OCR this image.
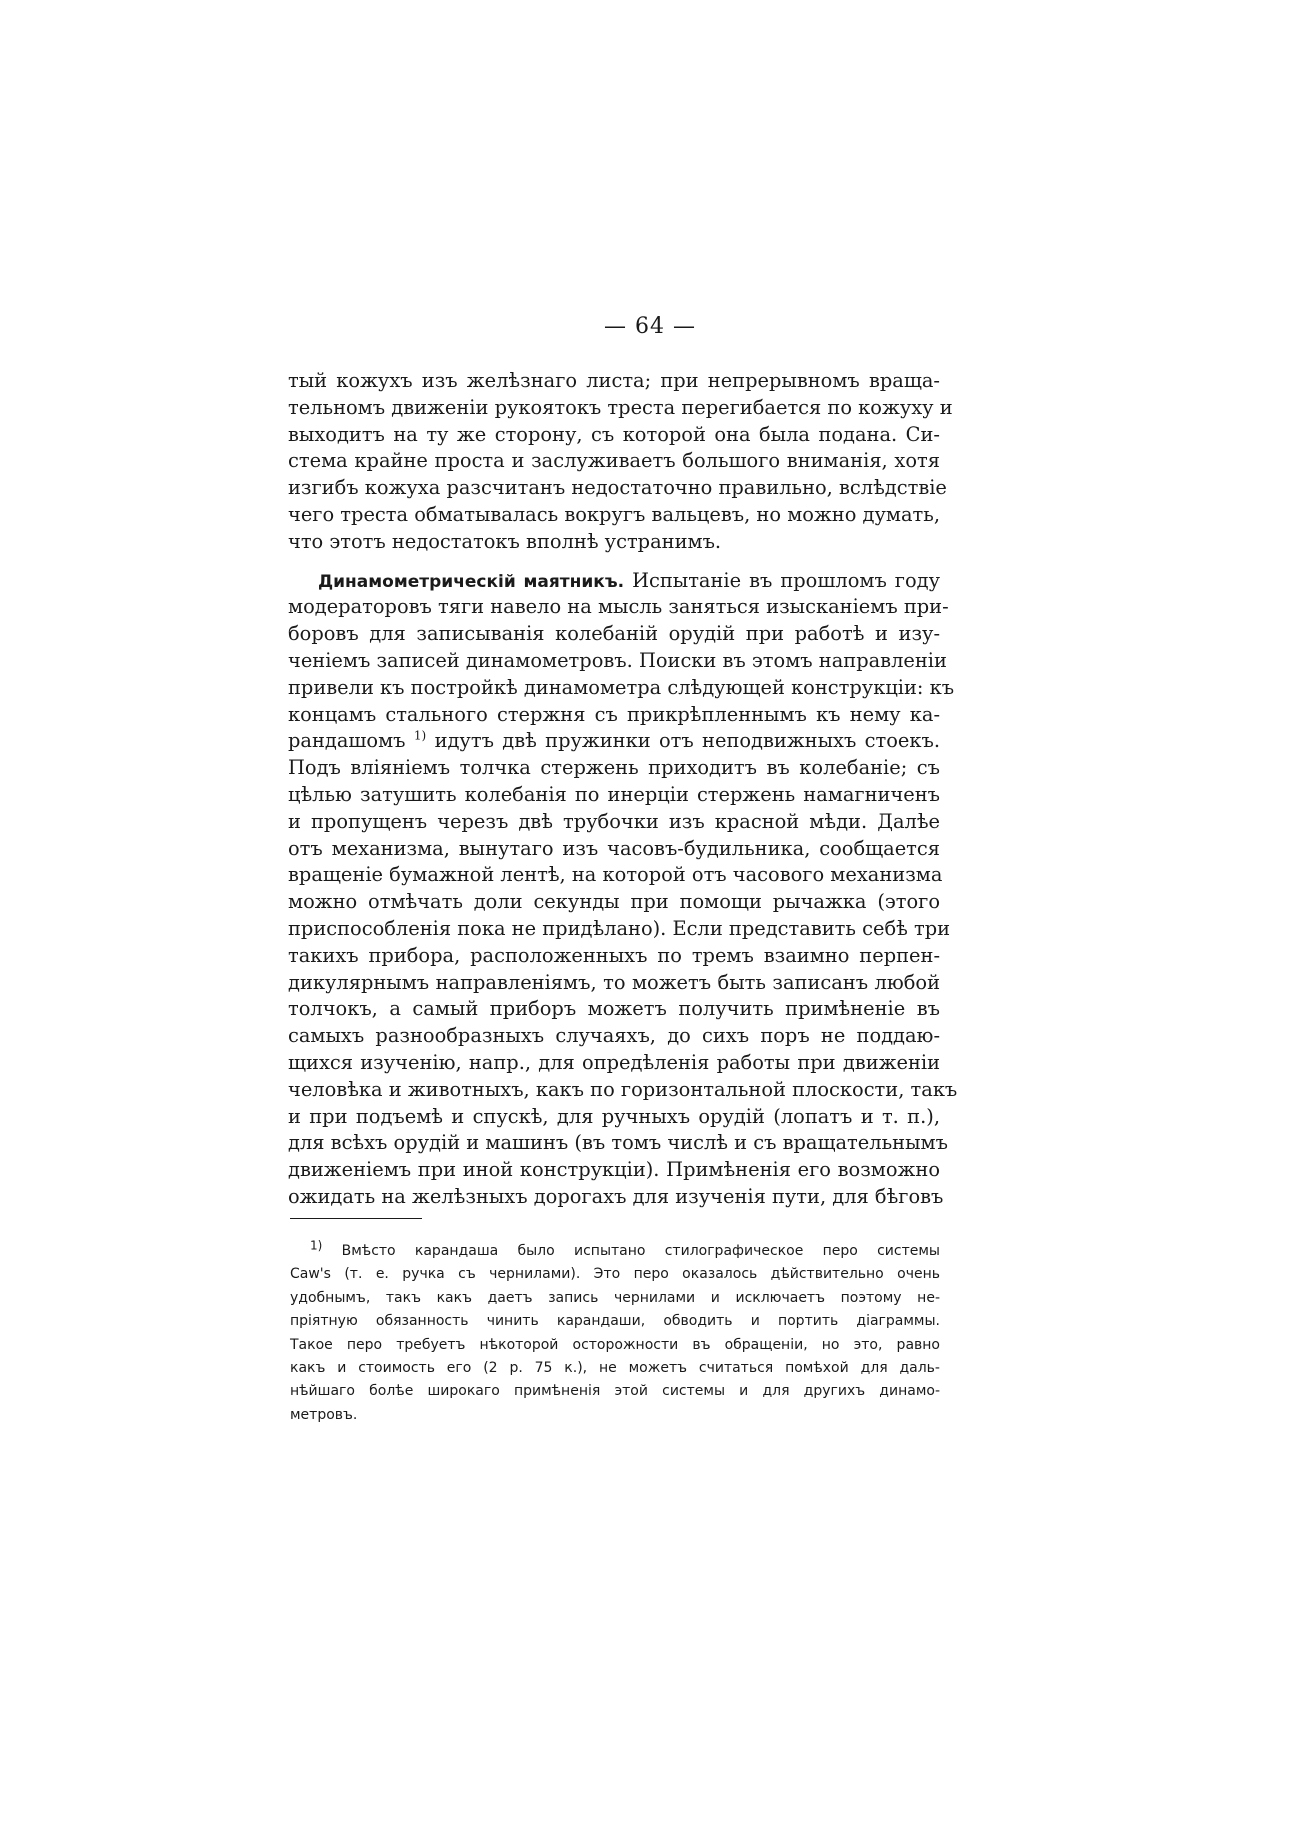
— 64 —
тый кожухъ изъ желѣзнаго листа; при непрерывномъ враща-
тельномъ движеніи рукоятокъ треста перегибается по кожуху и
выходитъ на ту же сторону, съ которой она была подана. Си-
стема крайне проста и заслуживаетъ большого вниманія, хотя
изгибъ кожуха разсчитанъ недостаточно правильно, вслѣдствіе
чего треста обматывалась вокругъ вальцевъ, но можно думать,
что этотъ недостатокъ вполнѣ устранимъ.
Динамометрическій маятникъ. Испытаніе въ прошломъ году
модераторовъ тяги навело на мысль заняться изысканіемъ при-
боровъ для записыванія колебаній орудій при работѣ и изу-
ченіемъ записей динамометровъ. Поиски въ этомъ направленіи
привели къ постройкѣ динамометра слѣдующей конструкціи: къ
концамъ стального стержня съ прикрѣпленнымъ къ нему ка-
рандашомъ $^{1)}$ идутъ двѣ пружинки отъ неподвижныхъ стоекъ.
Подъ вліяніемъ толчка стержень приходитъ въ колебаніе; съ
цѣлью затушить колебанія по инерціи стержень намагниченъ
и пропущенъ черезъ двѣ трубочки изъ красной мѣди. Далѣе
отъ механизма, вынутаго изъ часовъ-будильника, сообщается
вращеніе бумажной лентѣ, на которой отъ часового механизма
можно отмѣчать доли секунды при помощи рычажка (этого
приспособленія пока не придѣлано). Если представить себѣ три
такихъ прибора, расположенныхъ по тремъ взаимно перпен-
дикулярнымъ направленіямъ, то можетъ быть записанъ любой
толчокъ, а самый приборъ можетъ получить примѣненіе въ
самыхъ разнообразныхъ случаяхъ, до сихъ поръ не поддаю-
щихся изученію, напр., для опредѣленія работы при движеніи
человѣка и животныхъ, какъ по горизонтальной плоскости, такъ
и при подъемѣ и спускѣ, для ручныхъ орудій (лопатъ и т. п.),
для всѣхъ орудій и машинъ (въ томъ числѣ и съ вращательнымъ
движеніемъ при иной конструкціи). Примѣненія его возможно
ожидать на желѣзныхъ дорогахъ для изученія пути, для бѣговъ
$^{1)}$ Вмѣсто карандаша было испытано стилографическое перо системы
Caw's (т. е. ручка съ чернилами). Это перо оказалось дѣйствительно очень
удобнымъ, такъ какъ даетъ запись чернилами и исключаетъ поэтому не-
пріятную обязанность чинить карандаши, обводить и портить діаграммы.
Такое перо требуетъ нѣкоторой осторожности въ обращеніи, но это, равно
какъ и стоимость его (2 р. 75 к.), не можетъ считаться помѣхой для даль-
нѣйшаго болѣе широкаго примѣненія этой системы и для другихъ динамо-
метровъ.
